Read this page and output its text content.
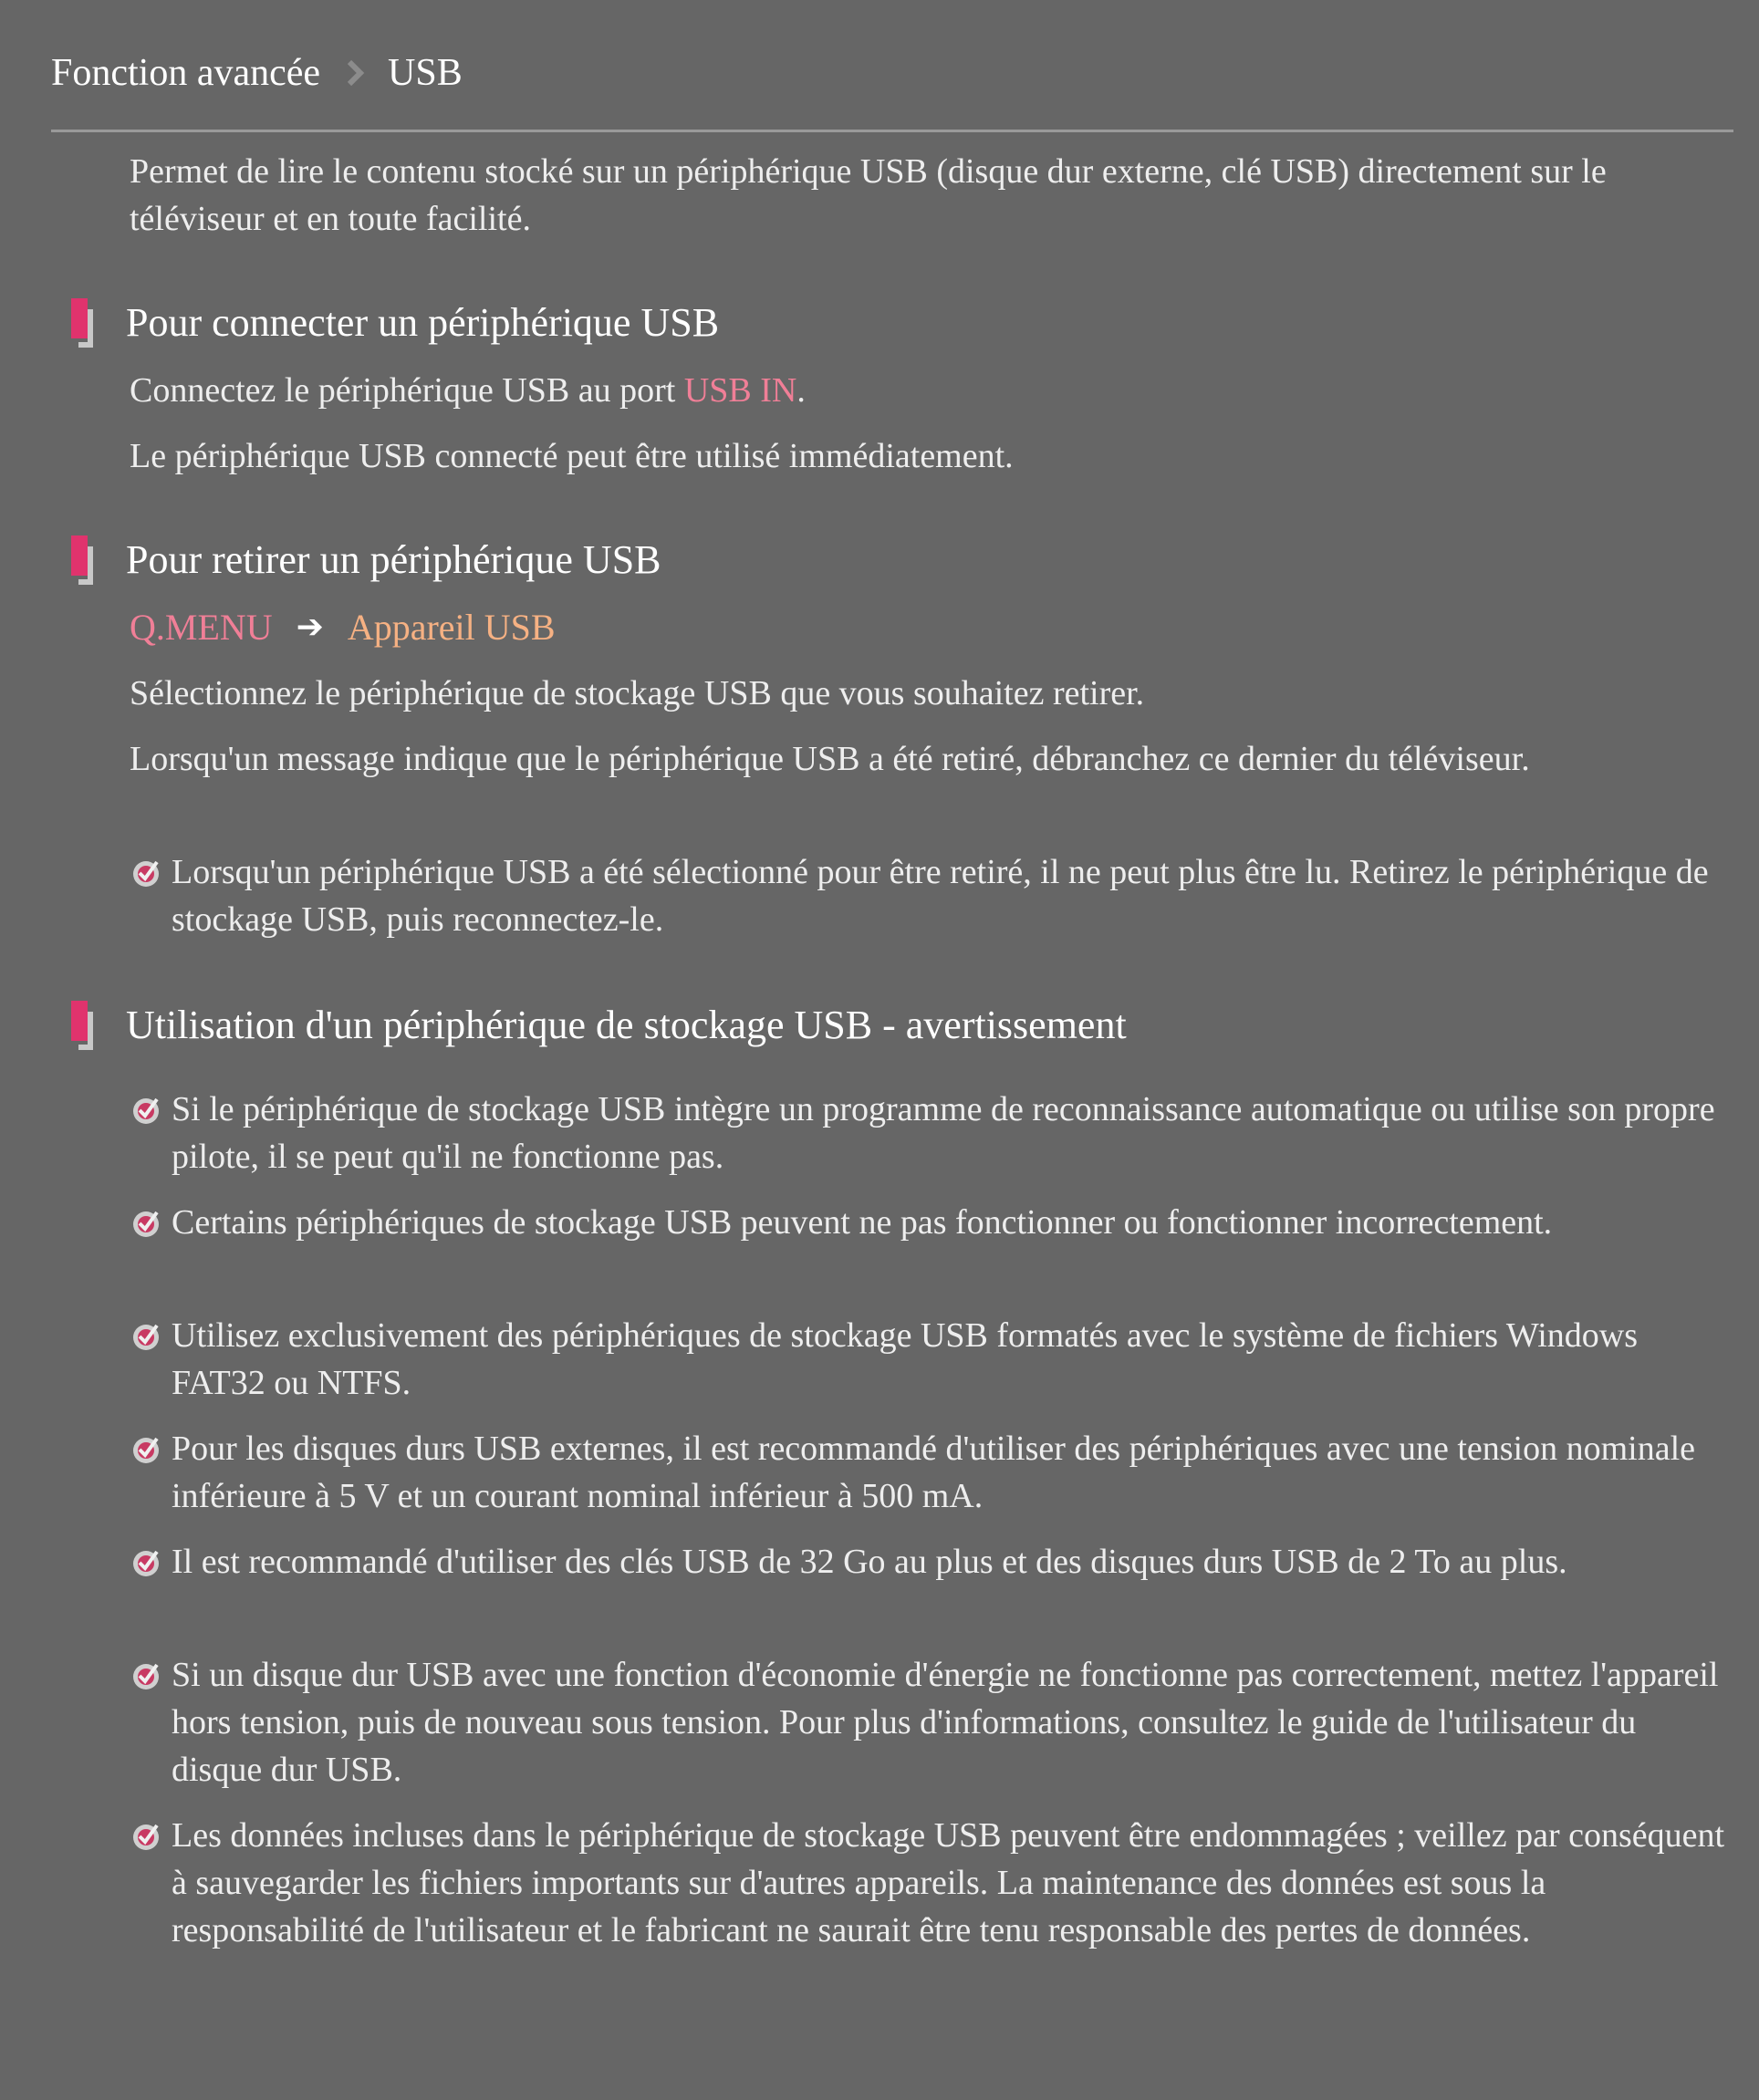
Fonction avancée USB

Permet de lire le contenu stocké sur un périphérique USB (disque dur externe, clé USB) directement sur le téléviseur et en toute facilité.

Pour connecter un périphérique USB

Connectez le périphérique USB au port USB IN.

Le périphérique USB connecté peut être utilisé immédiatement.

Pour retirer un périphérique USB
Q.MENU ➔ Appareil USB

Sélectionnez le périphérique de stockage USB que vous souhaitez retirer.

Lorsqu'un message indique que le périphérique USB a été retiré, débranchez ce dernier du téléviseur.

Lorsqu'un périphérique USB a été sélectionné pour être retiré, il ne peut plus être lu. Retirez le périphérique de stockage USB, puis reconnectez-le.
Utilisation d'un périphérique de stockage USB - avertissement
Si le périphérique de stockage USB intègre un programme de reconnaissance automatique ou utilise son propre pilote, il se peut qu'il ne fonctionne pas.
Certains périphériques de stockage USB peuvent ne pas fonctionner ou fonctionner incorrectement.
Utilisez exclusivement des périphériques de stockage USB formatés avec le système de fichiers Windows FAT32 ou NTFS.
Pour les disques durs USB externes, il est recommandé d'utiliser des périphériques avec une tension nominale inférieure à 5 V et un courant nominal inférieur à 500 mA.
Il est recommandé d'utiliser des clés USB de 32 Go au plus et des disques durs USB de 2 To au plus.
Si un disque dur USB avec une fonction d'économie d'énergie ne fonctionne pas correctement, mettez l'appareil hors tension, puis de nouveau sous tension. Pour plus d'informations, consultez le guide de l'utilisateur du disque dur USB.
Les données incluses dans le périphérique de stockage USB peuvent être endommagées ; veillez par conséquent à sauvegarder les fichiers importants sur d'autres appareils. La maintenance des données est sous la responsabilité de l'utilisateur et le fabricant ne saurait être tenu responsable des pertes de données.
